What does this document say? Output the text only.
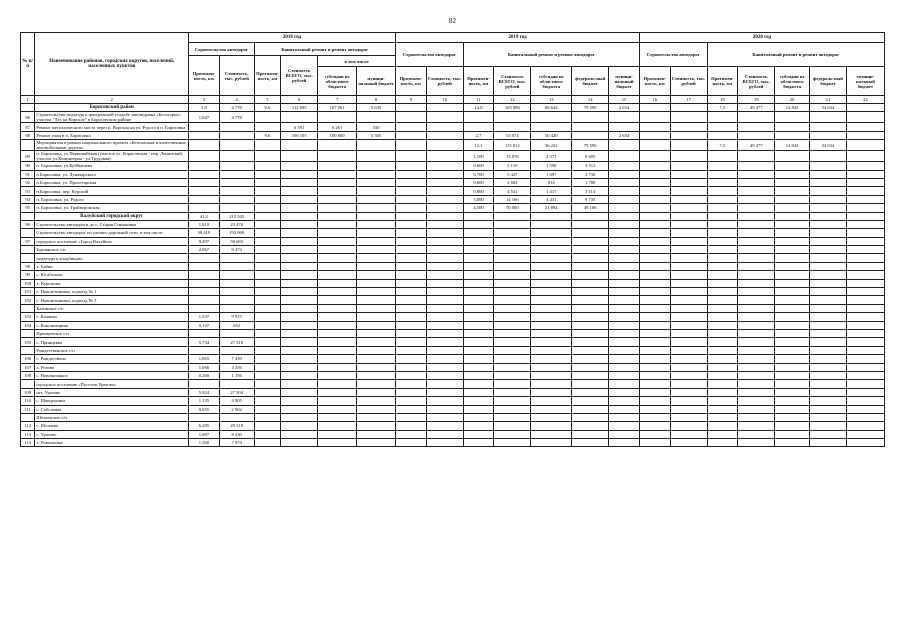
82
№ п/п	Наименование районов, городских округов, поселений, населенных пунктов	2018 год						2019 год							2020 год						
		Строительство автодорог		Капитальный ремонт и ремонт автодорог				Строительство автодорог		Капитальный ремонт и ремонт автодорог					Строительство автодорог		Капитальный ремонт и ремонт автодорог				
		Протяжен-ность, км	Стоимость, тыс. рублей	Протяжен-ность, км	Стоимость ВСЕГО, тыс. рублей	в том числе															
						субсидии из областного бюджета	муници-пальный бюджет	Протяжен-ность, км	Стоимость, тыс. рублей	Протяжен-ность, км	Стоимость ВСЕГО, тыс. рублей	субсидии из областного бюджета	федераль-ный бюджет	муници-пальный бюджет	Протяжен-ность, км	Стоимость, тыс. рублей	Протяжен-ность, км	Стоимость ВСЕГО, тыс. рублей	субсидии из областного бюджета	федераль-ный бюджет	муници-пальный бюджет
1	2	3	4	5	6	7	8	9	10	11	12	13	14	15	16	17	18	19	20	21	22
	Борисовский район	1,0	4 778	9,6	112 695	107 061	5 635			14,8	165 886	86 642	79 590	2 654			7,5	49 477	14 843	34 634	
86	Строительство подъезда к центральной усадьбе заповедника «Белогорье» участок "Лес на Ворскле" в Борисовском районе	1,047	4 778																		
87	Ремонт металлического моста через р. Ворскла на ул. Рудого в п. Борисовка				6 591	6 261	330														
88	Ремонт улиц в п. Борисовка			9,6	106 105	100 800	5 305			2,7	53 074	50 420		2 654							
	Мероприятия в рамках национального проекта «Безопасные и качественные автомобильные дороги»									12,1	115 812	36 222	79 590				7,5	49 477	14 843	34 634	
89	п. Борисовка, ул.Первомайская (участок ул. Борисовская - пер. Ленинский, участок ул.Коминтерна - ул.Трудовая)									1,100	13 976	4 371	9 605								
90	п. Борисовка, ул.Куйбышева									0,600	5 110	1 598	3 512								
91	п.Борисовка, ул. Луначарского									0,700	5 427	1 697	3 730								
92	п.Борисовка, ул. Пролетарская									0,600	2 602	814	1 788								
93	п.Борисовка, пер. Курский									0,800	4 531	1 417	3 114								
94	п. Борисовка, ул. Рудого									3,800	14 166	4 431	9 735								
95	п. Борисовка, ул. Грайворонская									4,500	70 000	21 894	48 106								
	Валуйский городской округ	41,2	215 545																		
96	Строительство автодороги до с. Старая Симоновка	1,810	23 476																		
	Строительство автодорог по улично-дорожной сети, в том числе	39,419	192 069																		
97	городское поселение «Город Валуйки»	9,497	50 665																		
	Борчанское с/п	2,067	9 474																		
	подъезды к кладбищам:																				
98	х. Бабки																				
99	с. Югабалово																				
100	х. Кургашки																				
101	с. Новоютиновка, подъезд № 1																				
102	с. Новоютиновка, подъезд № 3																				
	Казинское с/п																				
103	с. Казинка	1,537	9 915																		
104	с. Кононовщина	0,137	652																		
	Принцевское с/п																				
105	с. Принцевка	5,734	27 318																		
	Рождественское с/п																				
106	с. Рождествено	1,865	7 439																		
107	х. Розово	1,066	4 356																		
108	с. Новоказацкое	0,260	1 156																		
	городское поселение «Поселок Уразово»																				
109	пгт. Уразово	5,924	27 504																		
110	с. Шведуновка	1,135	4 905																		
111	с. Соболевка	0,655	2 962																		
	Шелаевское с/п																				
112	с. Шелаево	6,285	29 519																		
113	с. Уразово	1,697	8 230																		
114	х. Ромашовка	1,560	7 974																		
